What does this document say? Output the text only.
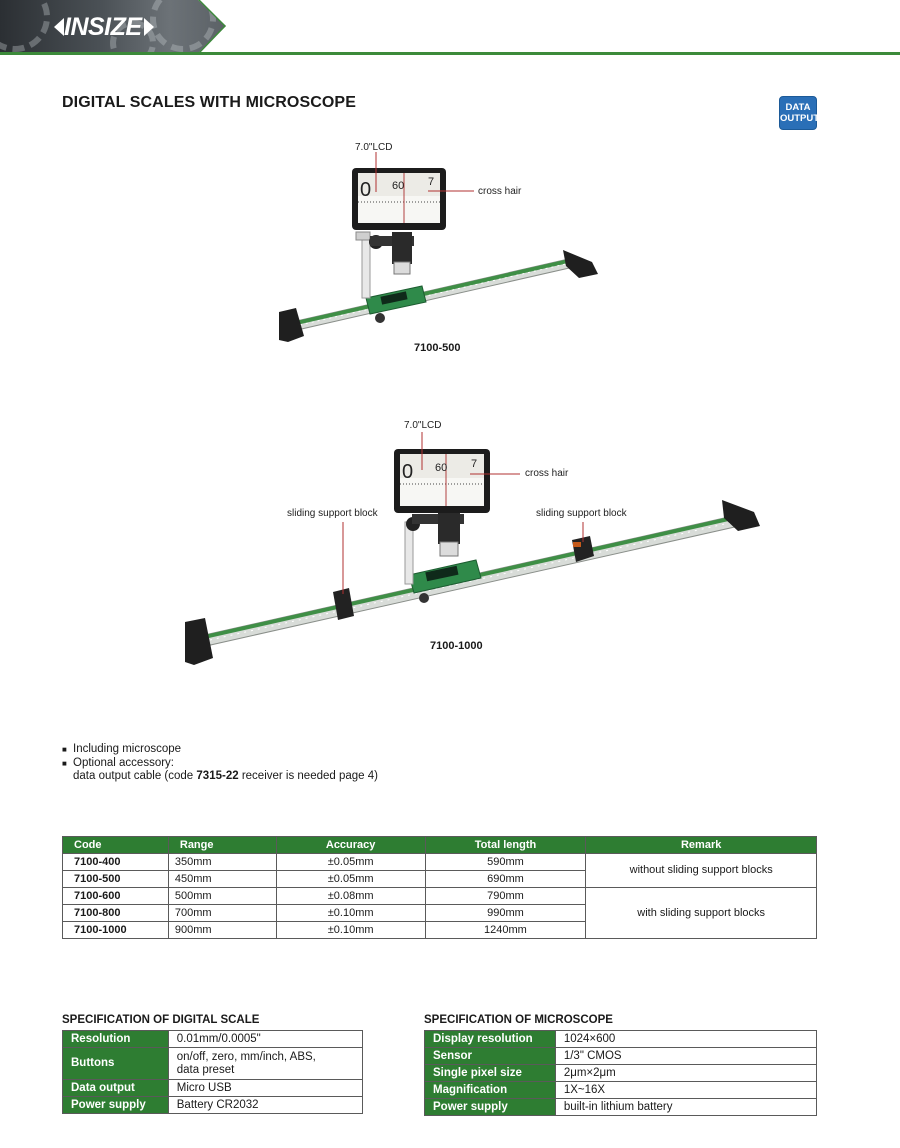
INSIZE
DIGITAL SCALES WITH MICROSCOPE	DATA
OUTPUT
0 60 7
0 60 7
7.0"LCD
cross hair
7100-500
7.0"LCD
cross hair
sliding support block	sliding support block
7100-1000
■ Including microscope
■ Optional accessory:
data output cable (code 7315-22 receiver is needed page 4)
Code	Range	Accuracy	Total length	Remark
7100-400	350mm	±0.05mm	590mm	without sliding support blocks
7100-500	450mm	±0.05mm	690mm	
7100-600	500mm	±0.08mm	790mm	with sliding support blocks
7100-800	700mm	±0.10mm	990mm	
7100-1000	900mm	±0.10mm	1240mm	
SPECIFICATION OF DIGITAL SCALE
Resolution	0.01mm/0.0005"
Buttons	on/off, zero, mm/inch, ABS,
data preset

Data output	Micro USB
Power supply	Battery CR2032
SPECIFICATION OF MICROSCOPE
Display resolution	1024×600
Sensor	1/3" CMOS
Single pixel size	2μm×2μm
Magnification	1X~16X
Power supply	built-in lithium battery
